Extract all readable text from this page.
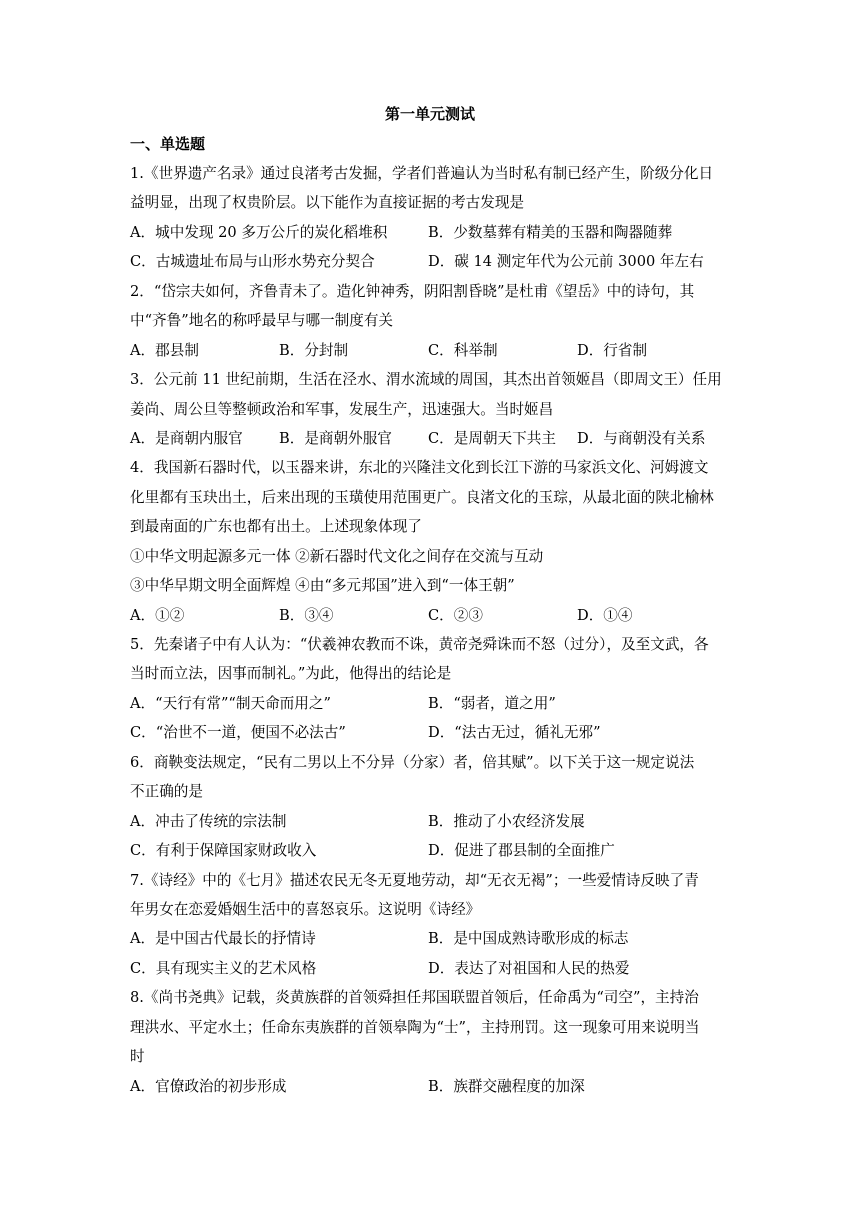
第一单元测试
一、单选题
1.《世界遗产名录》通过良渚考古发掘，学者们普遍认为当时私有制已经产生，阶级分化日
益明显，出现了权贵阶层。以下能作为直接证据的考古发现是
A．城中发现 20 多万公斤的炭化稻堆积	B．少数墓葬有精美的玉器和陶器随葬
C．古城遗址布局与山形水势充分契合	D．碳 14 测定年代为公元前 3000 年左右
2．“岱宗夫如何，齐鲁青未了。造化钟神秀，阴阳割昏晓”是杜甫《望岳》中的诗句，其
中“齐鲁”地名的称呼最早与哪一制度有关
A．郡县制	B．分封制	C．科举制	D．行省制
3．公元前 11 世纪前期，生活在泾水、渭水流域的周国，其杰出首领姬昌（即周文王）任用
姜尚、周公旦等整顿政治和军事，发展生产，迅速强大。当时姬昌
A．是商朝内服官 B．是商朝外服官 C．是周朝天下共主 D．与商朝没有关系
4．我国新石器时代，以玉器来讲，东北的兴隆洼文化到长江下游的马家浜文化、河姆渡文
化里都有玉玦出土，后来出现的玉璜使用范围更广。良渚文化的玉琮，从最北面的陕北榆林
到最南面的广东也都有出土。上述现象体现了
①中华文明起源多元一体 ②新石器时代文化之间存在交流与互动
③中华早期文明全面辉煌 ④由“多元邦国”进入到“一体王朝”
A．①②	B．③④	C．②③	D．①④
5．先秦诸子中有人认为：“伏羲神农教而不诛，黄帝尧舜诛而不怒（过分），及至文武，各
当时而立法，因事而制礼。”为此，他得出的结论是
A．“天行有常”“制天命而用之”	B．“弱者，道之用”
C．“治世不一道，便国不必法古”	D．“法古无过，循礼无邪”
6．商鞅变法规定，“民有二男以上不分异（分家）者，倍其赋”。以下关于这一规定说法
不正确的是
A．冲击了传统的宗法制	B．推动了小农经济发展
C．有利于保障国家财政收入	D．促进了郡县制的全面推广
7.《诗经》中的《七月》描述农民无冬无夏地劳动，却“无衣无褐”；一些爱情诗反映了青
年男女在恋爱婚姻生活中的喜怒哀乐。这说明《诗经》
A．是中国古代最长的抒情诗	B．是中国成熟诗歌形成的标志
C．具有现实主义的艺术风格	D．表达了对祖国和人民的热爱
8.《尚书尧典》记载，炎黄族群的首领舜担任邦国联盟首领后，任命禹为“司空”，主持治
理洪水、平定水土；任命东夷族群的首领皋陶为“士”，主持刑罚。这一现象可用来说明当
时
A．官僚政治的初步形成	B．族群交融程度的加深
